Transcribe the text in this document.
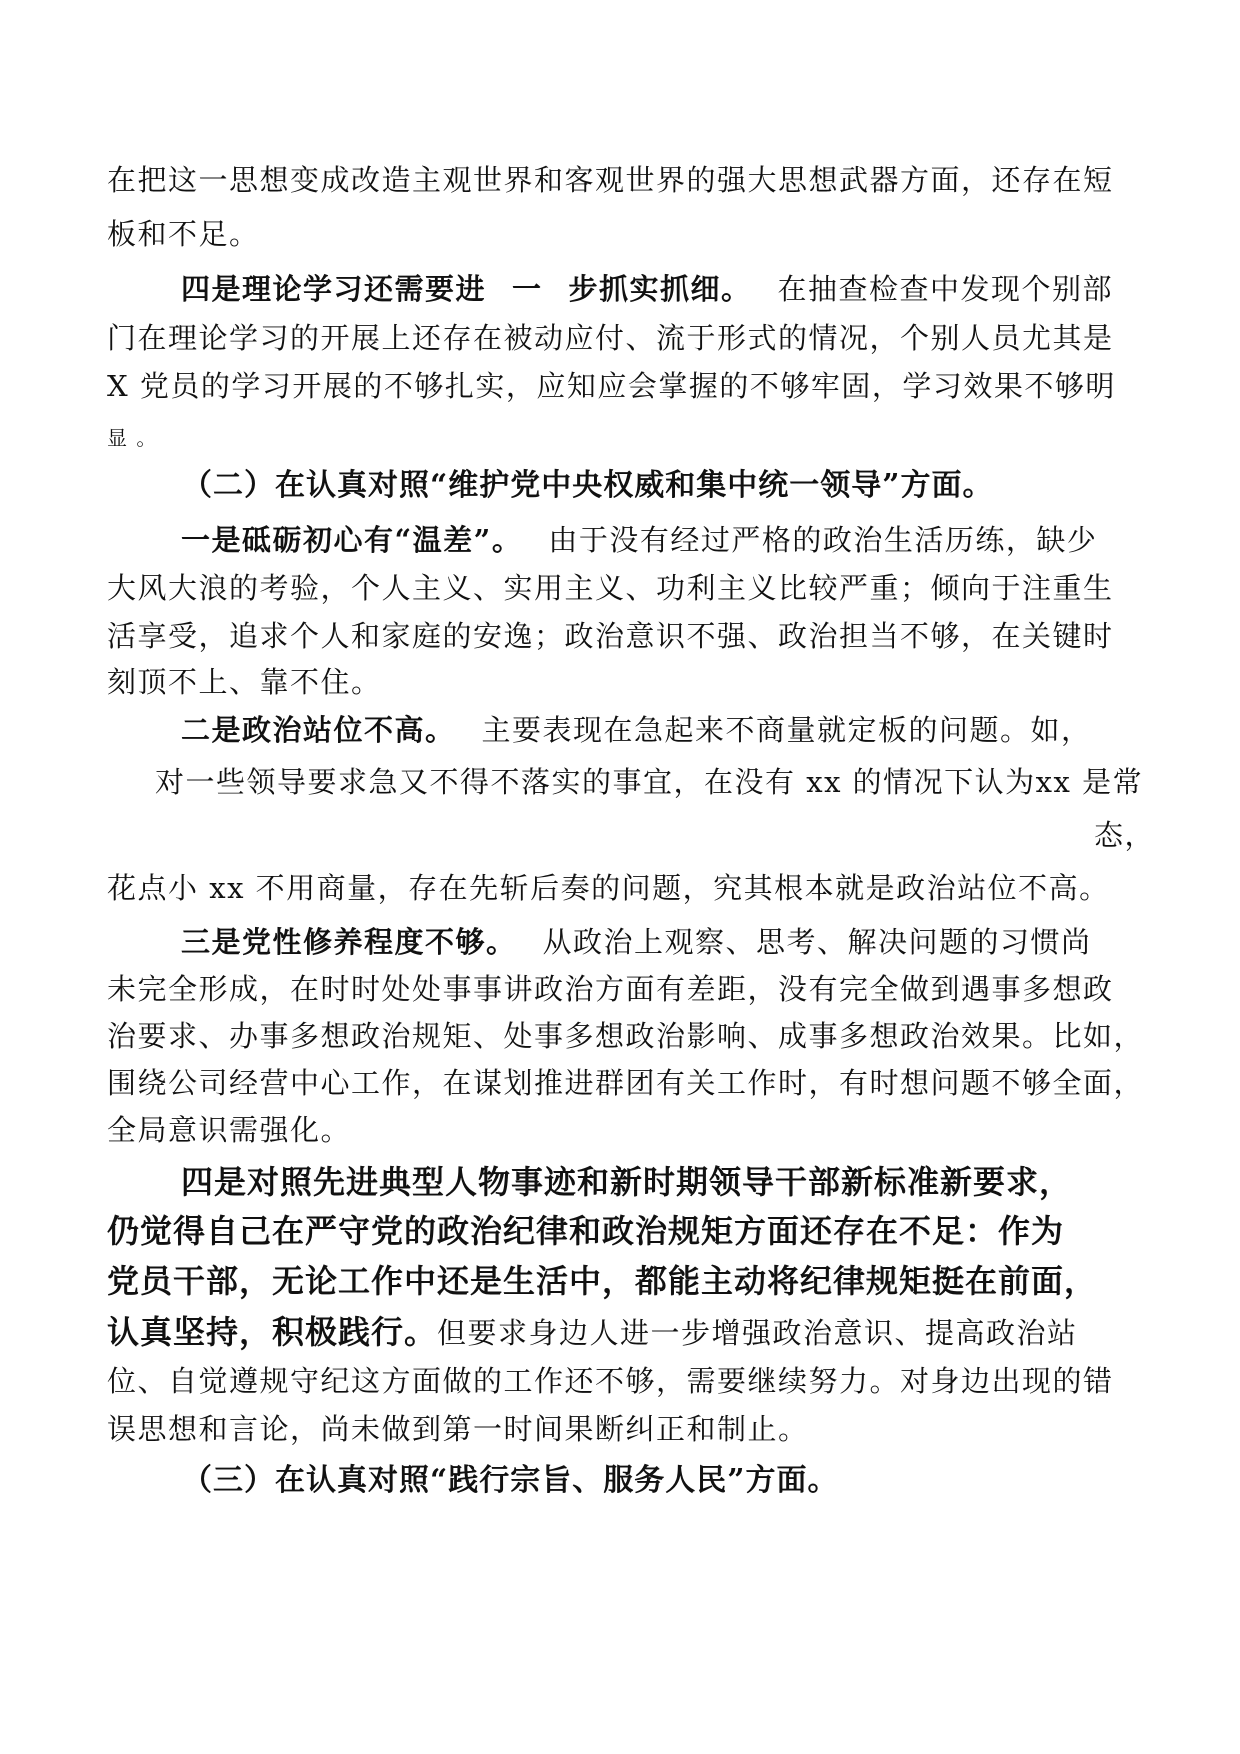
在把这一思想变成改造主观世界和客观世界的强大思想武器方面，还存在短
板和不足。
四是理论学习还需要进 一 步抓实抓细。 在抽查检查中发现个别部
门在理论学习的开展上还存在被动应付、流于形式的情况，个别人员尤其是
X 党员的学习开展的不够扎实，应知应会掌握的不够牢固，学习效果不够明
显 。
（二）在认真对照“维护党中央权威和集中统一领导”方面。
一是砥砺初心有“温差”。 由于没有经过严格的政治生活历练，缺少
大风大浪的考验，个人主义、实用主义、功利主义比较严重；倾向于注重生
活享受，追求个人和家庭的安逸；政治意识不强、政治担当不够，在关键时
刻顶不上、靠不住。
二是政治站位不高。 主要表现在急起来不商量就定板的问题。如，
对一些领导要求急又不得不落实的事宜，在没有 xx 的情况下认为xx 是常
态，
花点小 xx 不用商量，存在先斩后奏的问题，究其根本就是政治站位不高。
三是党性修养程度不够。 从政治上观察、思考、解决问题的习惯尚
未完全形成，在时时处处事事讲政治方面有差距，没有完全做到遇事多想政
治要求、办事多想政治规矩、处事多想政治影响、成事多想政治效果。比如，
围绕公司经营中心工作，在谋划推进群团有关工作时，有时想问题不够全面，
全局意识需强化。
四是对照先进典型人物事迹和新时期领导干部新标准新要求，
仍觉得自己在严守党的政治纪律和政治规矩方面还存在不足：作为
党员干部，无论工作中还是生活中，都能主动将纪律规矩挺在前面，
认真坚持，积极践行。但要求身边人进一步增强政治意识、提高政治站
位、自觉遵规守纪这方面做的工作还不够，需要继续努力。对身边出现的错
误思想和言论，尚未做到第一时间果断纠正和制止。
（三）在认真对照“践行宗旨、服务人民”方面。
